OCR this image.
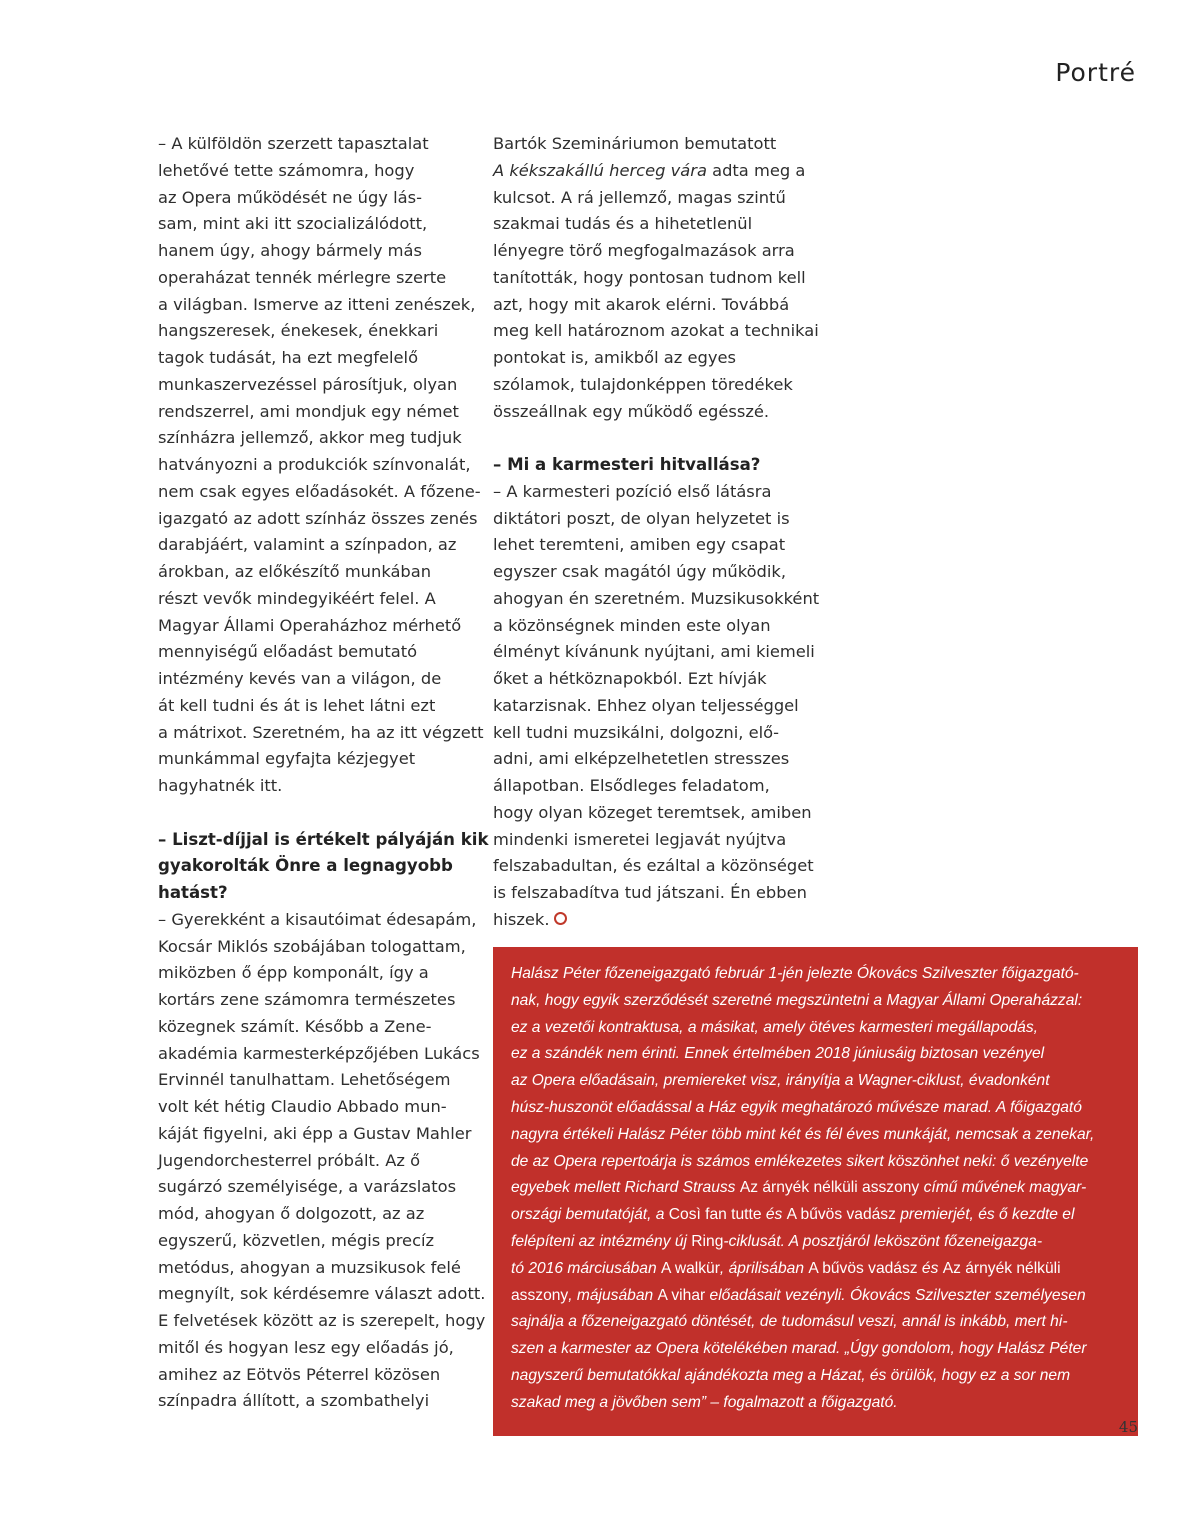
Portré
– A külföldön szerzett tapasztalat
lehetővé tette számomra, hogy
az Opera működését ne úgy lás-
sam, mint aki itt szocializálódott,
hanem úgy, ahogy bármely más
operaházat tennék mérlegre szerte
a világban. Ismerve az itteni zenészek,
hangszeresek, énekesek, énekkari
tagok tudását, ha ezt megfelelő
munkaszervezéssel párosítjuk, olyan
rendszerrel, ami mondjuk egy német
színházra jellemző, akkor meg tudjuk
hatványozni a produkciók színvonalát,
nem csak egyes előadásokét. A főzene-
igazgató az adott színház összes zenés
darabjáért, valamint a színpadon, az
árokban, az előkészítő munkában
részt vevők mindegyikéért felel. A
Magyar Állami Operaházhoz mérhető
mennyiségű előadást bemutató
intézmény kevés van a világon, de
át kell tudni és át is lehet látni ezt
a mátrixot. Szeretném, ha az itt végzett
munkámmal egyfajta kézjegyet
hagyhatnék itt.
– Liszt-díjjal is értékelt pályáján kik
gyakorolták Önre a legnagyobb
hatást?
– Gyerekként a kisautóimat édesapám,
Kocsár Miklós szobájában tologattam,
miközben ő épp komponált, így a
kortárs zene számomra természetes
közegnek számít. Később a Zene-
akadémia karmesterképzőjében Lukács
Ervinnél tanulhattam. Lehetőségem
volt két hétig Claudio Abbado mun-
káját figyelni, aki épp a Gustav Mahler
Jugendorchesterrel próbált. Az ő
sugárzó személyisége, a varázslatos
mód, ahogyan ő dolgozott, az az
egyszerű, közvetlen, mégis precíz
metódus, ahogyan a muzsikusok felé
megnyílt, sok kérdésemre választ adott.
E felvetések között az is szerepelt, hogy
mitől és hogyan lesz egy előadás jó,
amihez az Eötvös Péterrel közösen
színpadra állított, a szombathelyi
Bartók Szemináriumon bemutatott
A kékszakállú herceg vára adta meg a
kulcsot. A rá jellemző, magas szintű
szakmai tudás és a hihetetlenül
lényegre törő megfogalmazások arra
tanították, hogy pontosan tudnom kell
azt, hogy mit akarok elérni. Továbbá
meg kell határoznom azokat a technikai
pontokat is, amikből az egyes
szólamok, tulajdonképpen töredékek
összeállnak egy működő egésszé.
– Mi a karmesteri hitvallása?
– A karmesteri pozíció első látásra
diktátori poszt, de olyan helyzetet is
lehet teremteni, amiben egy csapat
egyszer csak magától úgy működik,
ahogyan én szeretném. Muzsikusokként
a közönségnek minden este olyan
élményt kívánunk nyújtani, ami kiemeli
őket a hétköznapokból. Ezt hívják
katarzisnak. Ehhez olyan teljességgel
kell tudni muzsikálni, dolgozni, elő-
adni, ami elképzelhetetlen stresszes
állapotban. Elsődleges feladatom,
hogy olyan közeget teremtsek, amiben
mindenki ismeretei legjavát nyújtva
felszabadultan, és ezáltal a közönséget
is felszabadítva tud játszani. Én ebben
hiszek.
Halász Péter főzeneigazgató február 1-jén jelezte Ókovács Szilveszter főigazgató-
nak, hogy egyik szerződését szeretné megszüntetni a Magyar Állami Operaházzal:
ez a vezetői kontraktusa, a másikat, amely ötéves karmesteri megállapodás,
ez a szándék nem érinti. Ennek értelmében 2018 júniusáig biztosan vezényel
az Opera előadásain, premiereket visz, irányítja a Wagner-ciklust, évadonként
húsz-huszonöt előadással a Ház egyik meghatározó művésze marad. A főigazgató
nagyra értékeli Halász Péter több mint két és fél éves munkáját, nemcsak a zenekar,
de az Opera repertoárja is számos emlékezetes sikert köszönhet neki: ő vezényelte
egyebek mellett Richard Strauss Az árnyék nélküli asszony című művének magyar-
országi bemutatóját, a Così fan tutte és A bűvös vadász premierjét, és ő kezdte el
felépíteni az intézmény új Ring-ciklusát. A posztjáról leköszönt főzeneigazga-
tó 2016 márciusában A walkür, áprilisában A bűvös vadász és Az árnyék nélküli
asszony, májusában A vihar előadásait vezényli. Ókovács Szilveszter személyesen
sajnálja a főzeneigazgató döntését, de tudomásul veszi, annál is inkább, mert hi-
szen a karmester az Opera kötelékében marad. „Úgy gondolom, hogy Halász Péter
nagyszerű bemutatókkal ajándékozta meg a Házat, és örülök, hogy ez a sor nem
szakad meg a jövőben sem” – fogalmazott a főigazgató.
45
